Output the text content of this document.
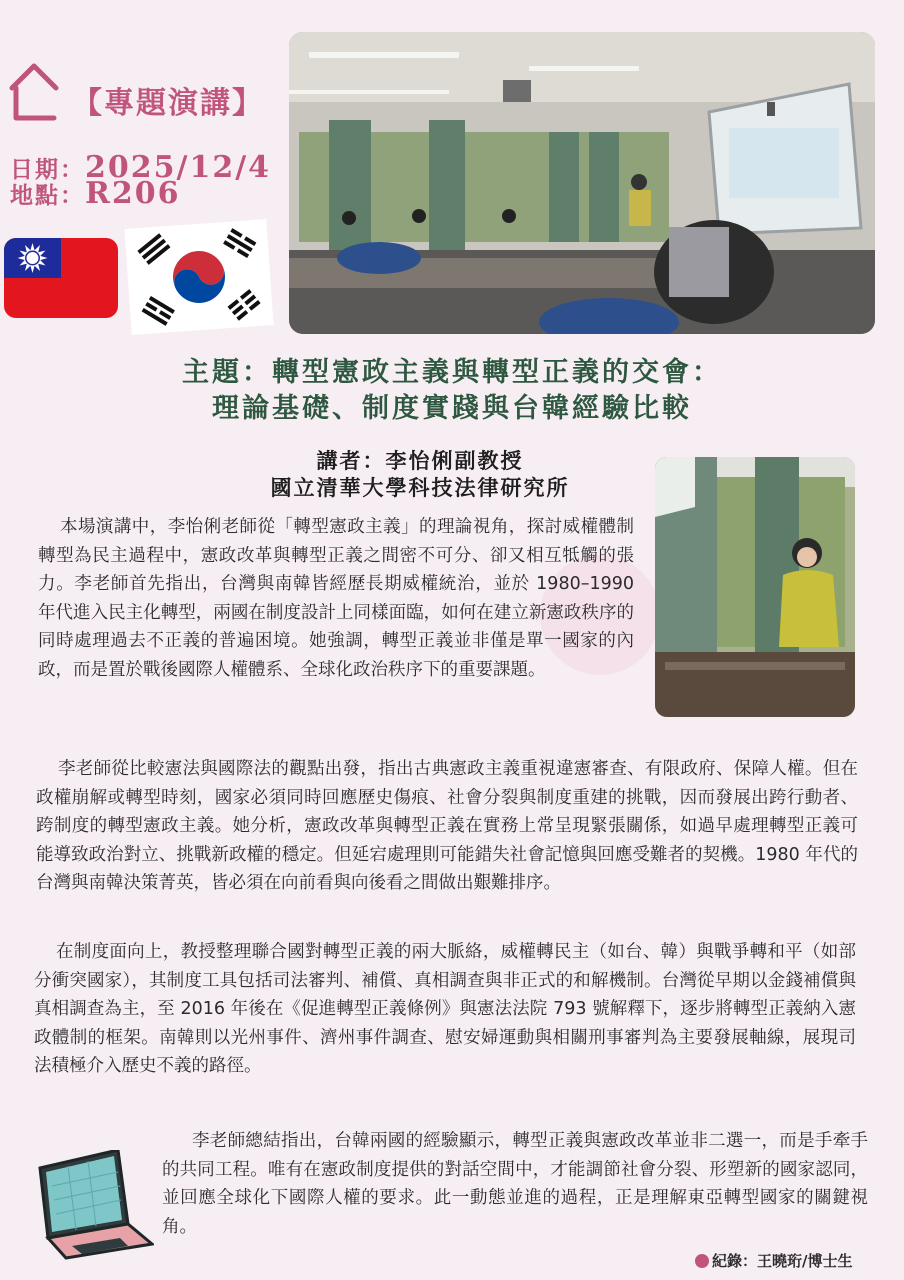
【專題演講】
日期：2025/12/4
地點：R206
主題：轉型憲政主義與轉型正義的交會：
理論基礎、制度實踐與台韓經驗比較
講者：李怡俐副教授
國立清華大學科技法律研究所

本場演講中，李怡俐老師從「轉型憲政主義」的理論視角，探討威權體制轉型為民主過程中，憲政改革與轉型正義之間密不可分、卻又相互牴觸的張力。李老師首先指出，台灣與南韓皆經歷長期威權統治，並於 1980–1990 年代進入民主化轉型，兩國在制度設計上同樣面臨，如何在建立新憲政秩序的同時處理過去不正義的普遍困境。她強調，轉型正義並非僅是單一國家的內政，而是置於戰後國際人權體系、全球化政治秩序下的重要課題。

李老師從比較憲法與國際法的觀點出發，指出古典憲政主義重視違憲審查、有限政府、保障人權。但在政權崩解或轉型時刻，國家必須同時回應歷史傷痕、社會分裂與制度重建的挑戰，因而發展出跨行動者、跨制度的轉型憲政主義。她分析，憲政改革與轉型正義在實務上常呈現緊張關係，如過早處理轉型正義可能導致政治對立、挑戰新政權的穩定。但延宕處理則可能錯失社會記憶與回應受難者的契機。1980 年代的台灣與南韓決策菁英，皆必須在向前看與向後看之間做出艱難排序。

在制度面向上，教授整理聯合國對轉型正義的兩大脈絡，威權轉民主（如台、韓）與戰爭轉和平（如部分衝突國家），其制度工具包括司法審判、補償、真相調查與非正式的和解機制。台灣從早期以金錢補償與真相調查為主，至 2016 年後在《促進轉型正義條例》與憲法法院 793 號解釋下，逐步將轉型正義納入憲政體制的框架。南韓則以光州事件、濟州事件調查、慰安婦運動與相關刑事審判為主要發展軸線，展現司法積極介入歷史不義的路徑。

李老師總結指出，台韓兩國的經驗顯示，轉型正義與憲政改革並非二選一，而是手牽手的共同工程。唯有在憲政制度提供的對話空間中，才能調節社會分裂、形塑新的國家認同，並回應全球化下國際人權的要求。此一動態並進的過程，正是理解東亞轉型國家的關鍵視角。

紀錄：王曉珩/博士生
